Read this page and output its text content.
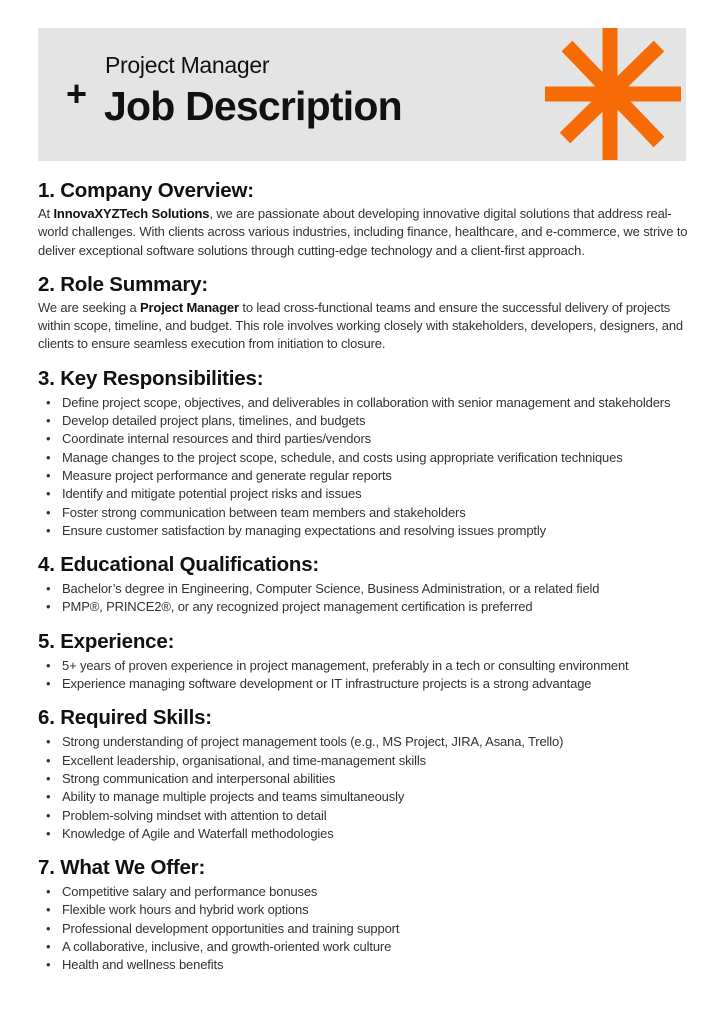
Project Manager
+ Job Description
1. Company Overview:

At InnovaXYZTech Solutions, we are passionate about developing innovative digital solutions that address real-world challenges. With clients across various industries, including finance, healthcare, and e-commerce, we strive to deliver exceptional software solutions through cutting-edge technology and a client-first approach.

2. Role Summary:

We are seeking a Project Manager to lead cross-functional teams and ensure the successful delivery of projects within scope, timeline, and budget. This role involves working closely with stakeholders, developers, designers, and clients to ensure seamless execution from initiation to closure.

3. Key Responsibilities:
• Define project scope, objectives, and deliverables in collaboration with senior management and stakeholders
• Develop detailed project plans, timelines, and budgets
• Coordinate internal resources and third parties/vendors
• Manage changes to the project scope, schedule, and costs using appropriate verification techniques
• Measure project performance and generate regular reports
• Identify and mitigate potential project risks and issues
• Foster strong communication between team members and stakeholders
• Ensure customer satisfaction by managing expectations and resolving issues promptly
4. Educational Qualifications:
• Bachelor’s degree in Engineering, Computer Science, Business Administration, or a related field
• PMP®, PRINCE2®, or any recognized project management certification is preferred
5. Experience:
• 5+ years of proven experience in project management, preferably in a tech or consulting environment
• Experience managing software development or IT infrastructure projects is a strong advantage
6. Required Skills:
• Strong understanding of project management tools (e.g., MS Project, JIRA, Asana, Trello)
• Excellent leadership, organisational, and time-management skills
• Strong communication and interpersonal abilities
• Ability to manage multiple projects and teams simultaneously
• Problem-solving mindset with attention to detail
• Knowledge of Agile and Waterfall methodologies
7. What We Offer:
• Competitive salary and performance bonuses
• Flexible work hours and hybrid work options
• Professional development opportunities and training support
• A collaborative, inclusive, and growth-oriented work culture
• Health and wellness benefits
